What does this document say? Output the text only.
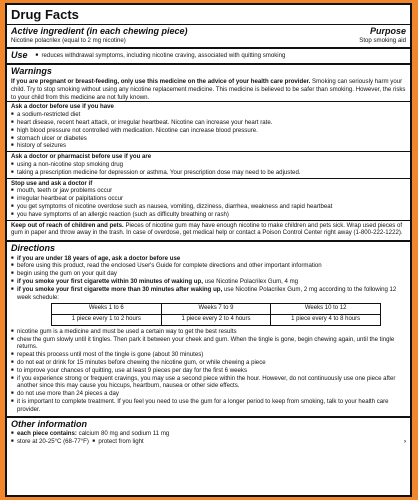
Drug Facts
Active ingredient (in each chewing piece)	Purpose
Nicotine polacrilex (equal to 2 mg nicotine)	Stop smoking aid
Use ■ reduces withdrawal symptoms, including nicotine craving, associated with quitting smoking
Warnings

If you are pregnant or breast-feeding, only use this medicine on the advice of your health care provider. Smoking can seriously harm your child. Try to stop smoking without using any nicotine replacement medicine. This medicine is believed to be safer than smoking. However, the risks to your child from this medicine are not fully known.

Ask a doctor before use if you have
■
a sodium-restricted diet
■
heart disease, recent heart attack, or irregular heartbeat. Nicotine can increase your heart rate.
■
high blood pressure not controlled with medication. Nicotine can increase blood pressure.
■
stomach ulcer or diabetes
■
history of seizures
Ask a doctor or pharmacist before use if you are
■
using a non-nicotine stop smoking drug
■
taking a prescription medicine for depression or asthma. Your prescription dose may need to be adjusted.
Stop use and ask a doctor if
■
mouth, teeth or jaw problems occur
■
irregular heartbeat or palpitations occur
■
you get symptoms of nicotine overdose such as nausea, vomiting, dizziness, diarrhea, weakness and rapid heartbeat
■
you have symptoms of an allergic reaction (such as difficulty breathing or rash)

Keep out of reach of children and pets. Pieces of nicotine gum may have enough nicotine to make children and pets sick. Wrap used pieces of gum in paper and throw away in the trash. In case of overdose, get medical help or contact a Poison Control Center right away (1-800-222-1222).

Directions
■
if you are under 18 years of age, ask a doctor before use
■
before using this product, read the enclosed User's Guide for complete directions and other important information
■
begin using the gum on your quit day
■
if you smoke your first cigarette within 30 minutes of waking up, use Nicotine Polacrilex Gum, 4 mg
■
if you smoke your first cigarette more than 30 minutes after waking up, use Nicotine Polacrilex Gum, 2 mg according to the following 12 week schedule:
Weeks 1 to 6	Weeks 7 to 9	Weeks 10 to 12
1 piece every 1 to 2 hours	1 piece every 2 to 4 hours	1 piece every 4 to 8 hours
■
nicotine gum is a medicine and must be used a certain way to get the best results
■
chew the gum slowly until it tingles. Then park it between your cheek and gum. When the tingle is gone, begin chewing again, until the tingle returns.
■
repeat this process until most of the tingle is gone (about 30 minutes)
■
do not eat or drink for 15 minutes before chewing the nicotine gum, or while chewing a piece
■
to improve your chances of quitting, use at least 9 pieces per day for the first 6 weeks
■
if you experience strong or frequent cravings, you may use a second piece within the hour. However, do not continuously use one piece after another since this may cause you hiccups, heartburn, nausea or other side effects.
■
do not use more than 24 pieces a day
■
it is important to complete treatment. If you feel you need to use the gum for a longer period to keep from smoking, talk to your health care provider.
Other information
■
each piece contains: calcium 80 mg and sodium 11 mg
■
store at 20-25°C (68-77°F)
■ protect from light	›
